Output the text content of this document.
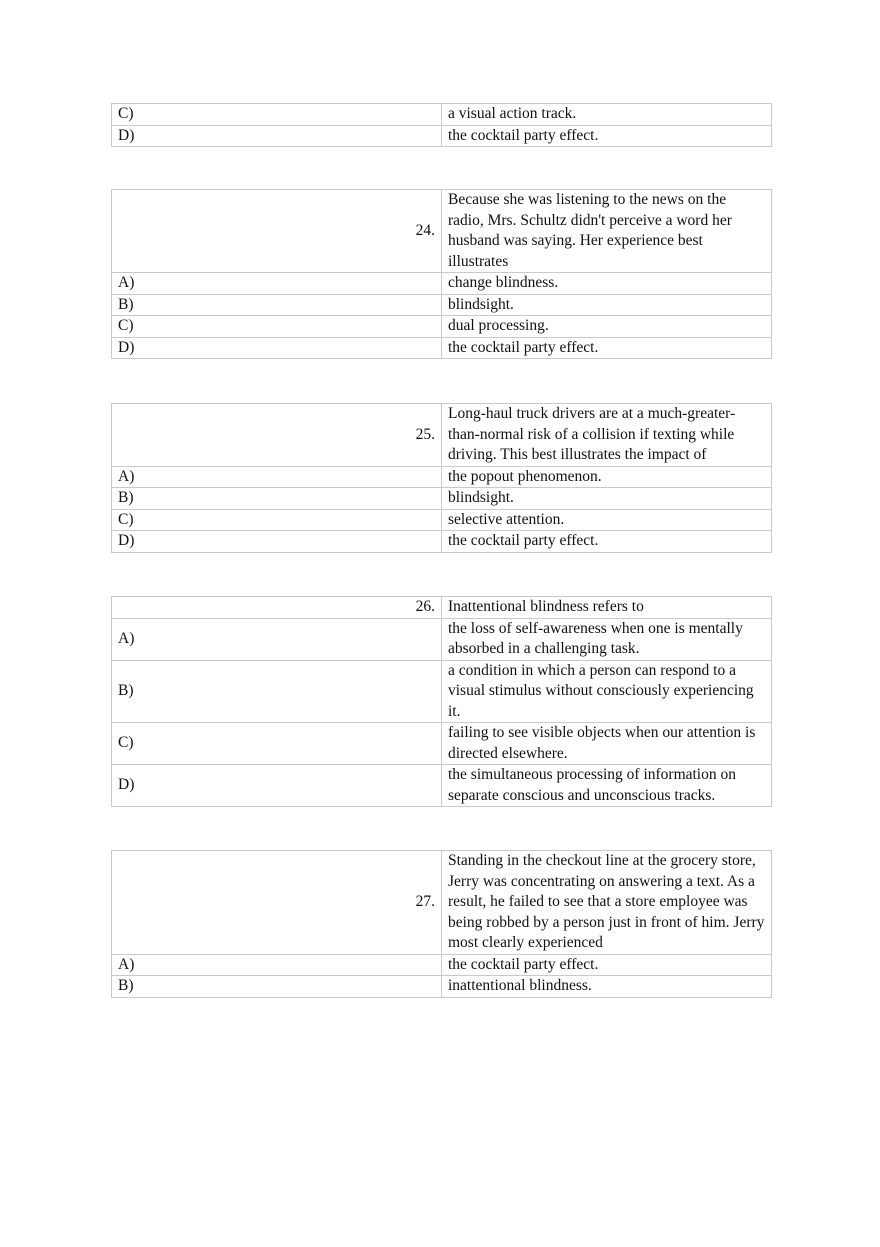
C)	a visual action track.
D)	the cocktail party effect.
24.	Because she was listening to the news on the radio, Mrs. Schultz didn't perceive a word her husband was saying. Her experience best illustrates
A)	change blindness.
B)	blindsight.
C)	dual processing.
D)	the cocktail party effect.
25.	Long-haul truck drivers are at a much-greater-than-normal risk of a collision if texting while driving. This best illustrates the impact of
A)	the popout phenomenon.
B)	blindsight.
C)	selective attention.
D)	the cocktail party effect.
26.	Inattentional blindness refers to
A)	the loss of self-awareness when one is mentally absorbed in a challenging task.
B)	a condition in which a person can respond to a visual stimulus without consciously experiencing it.
C)	failing to see visible objects when our attention is directed elsewhere.
D)	the simultaneous processing of information on separate conscious and unconscious tracks.
27.	Standing in the checkout line at the grocery store, Jerry was concentrating on answering a text. As a result, he failed to see that a store employee was being robbed by a person just in front of him. Jerry most clearly experienced
A)	the cocktail party effect.
B)	inattentional blindness.
